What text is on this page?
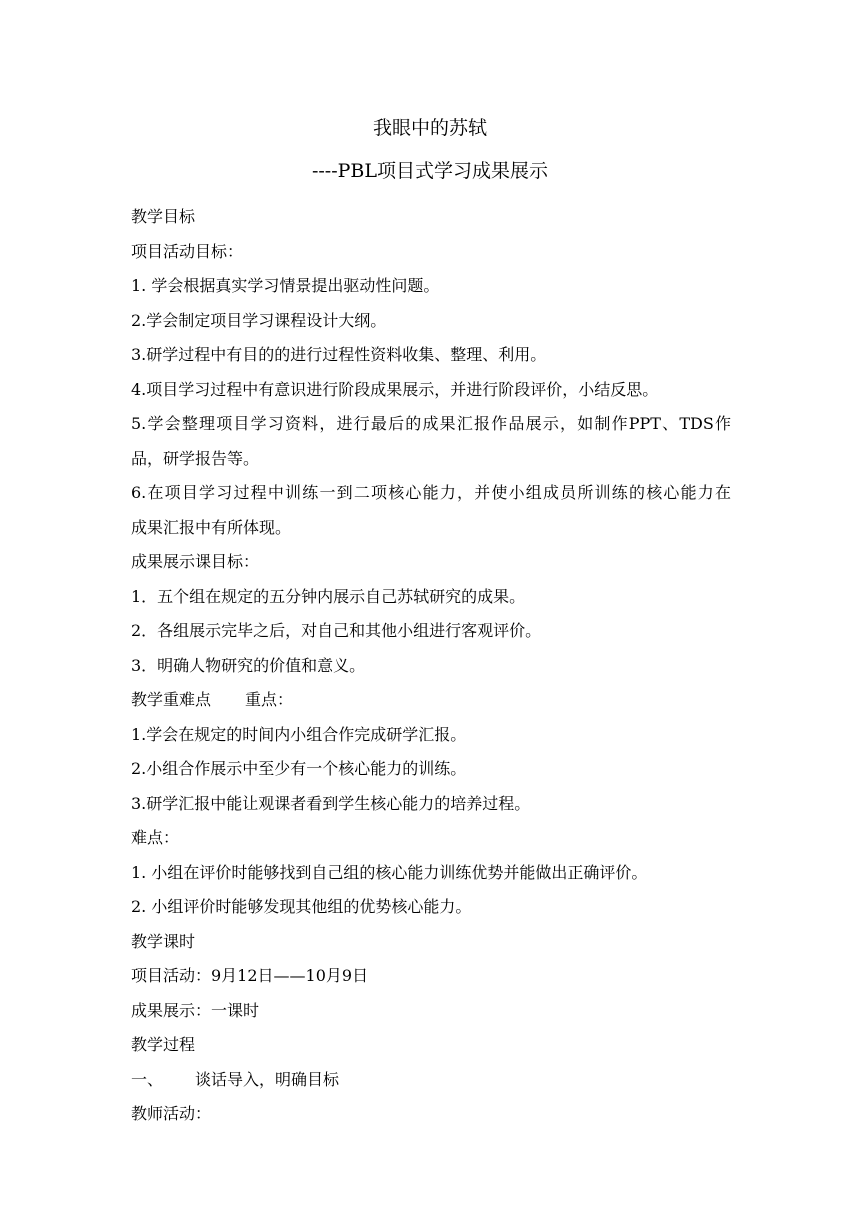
我眼中的苏轼
----PBL项目式学习成果展示
教学目标
项目活动目标：
1. 学会根据真实学习情景提出驱动性问题。
2.学会制定项目学习课程设计大纲。
3.研学过程中有目的的进行过程性资料收集、整理、利用。
4.项目学习过程中有意识进行阶段成果展示，并进行阶段评价，小结反思。
5.学会整理项目学习资料，进行最后的成果汇报作品展示，如制作PPT、TDS作
品，研学报告等。
6.在项目学习过程中训练一到二项核心能力，并使小组成员所训练的核心能力在
成果汇报中有所体现。
成果展示课目标：
1．五个组在规定的五分钟内展示自己苏轼研究的成果。
2．各组展示完毕之后，对自己和其他小组进行客观评价。
3．明确人物研究的价值和意义。
教学重难点 重点：
1.学会在规定的时间内小组合作完成研学汇报。
2.小组合作展示中至少有一个核心能力的训练。
3.研学汇报中能让观课者看到学生核心能力的培养过程。
难点：
1. 小组在评价时能够找到自己组的核心能力训练优势并能做出正确评价。
2. 小组评价时能够发现其他组的优势核心能力。
教学课时
项目活动：9月12日——10月9日
成果展示：一课时
教学过程
一、 谈话导入，明确目标
教师活动：
